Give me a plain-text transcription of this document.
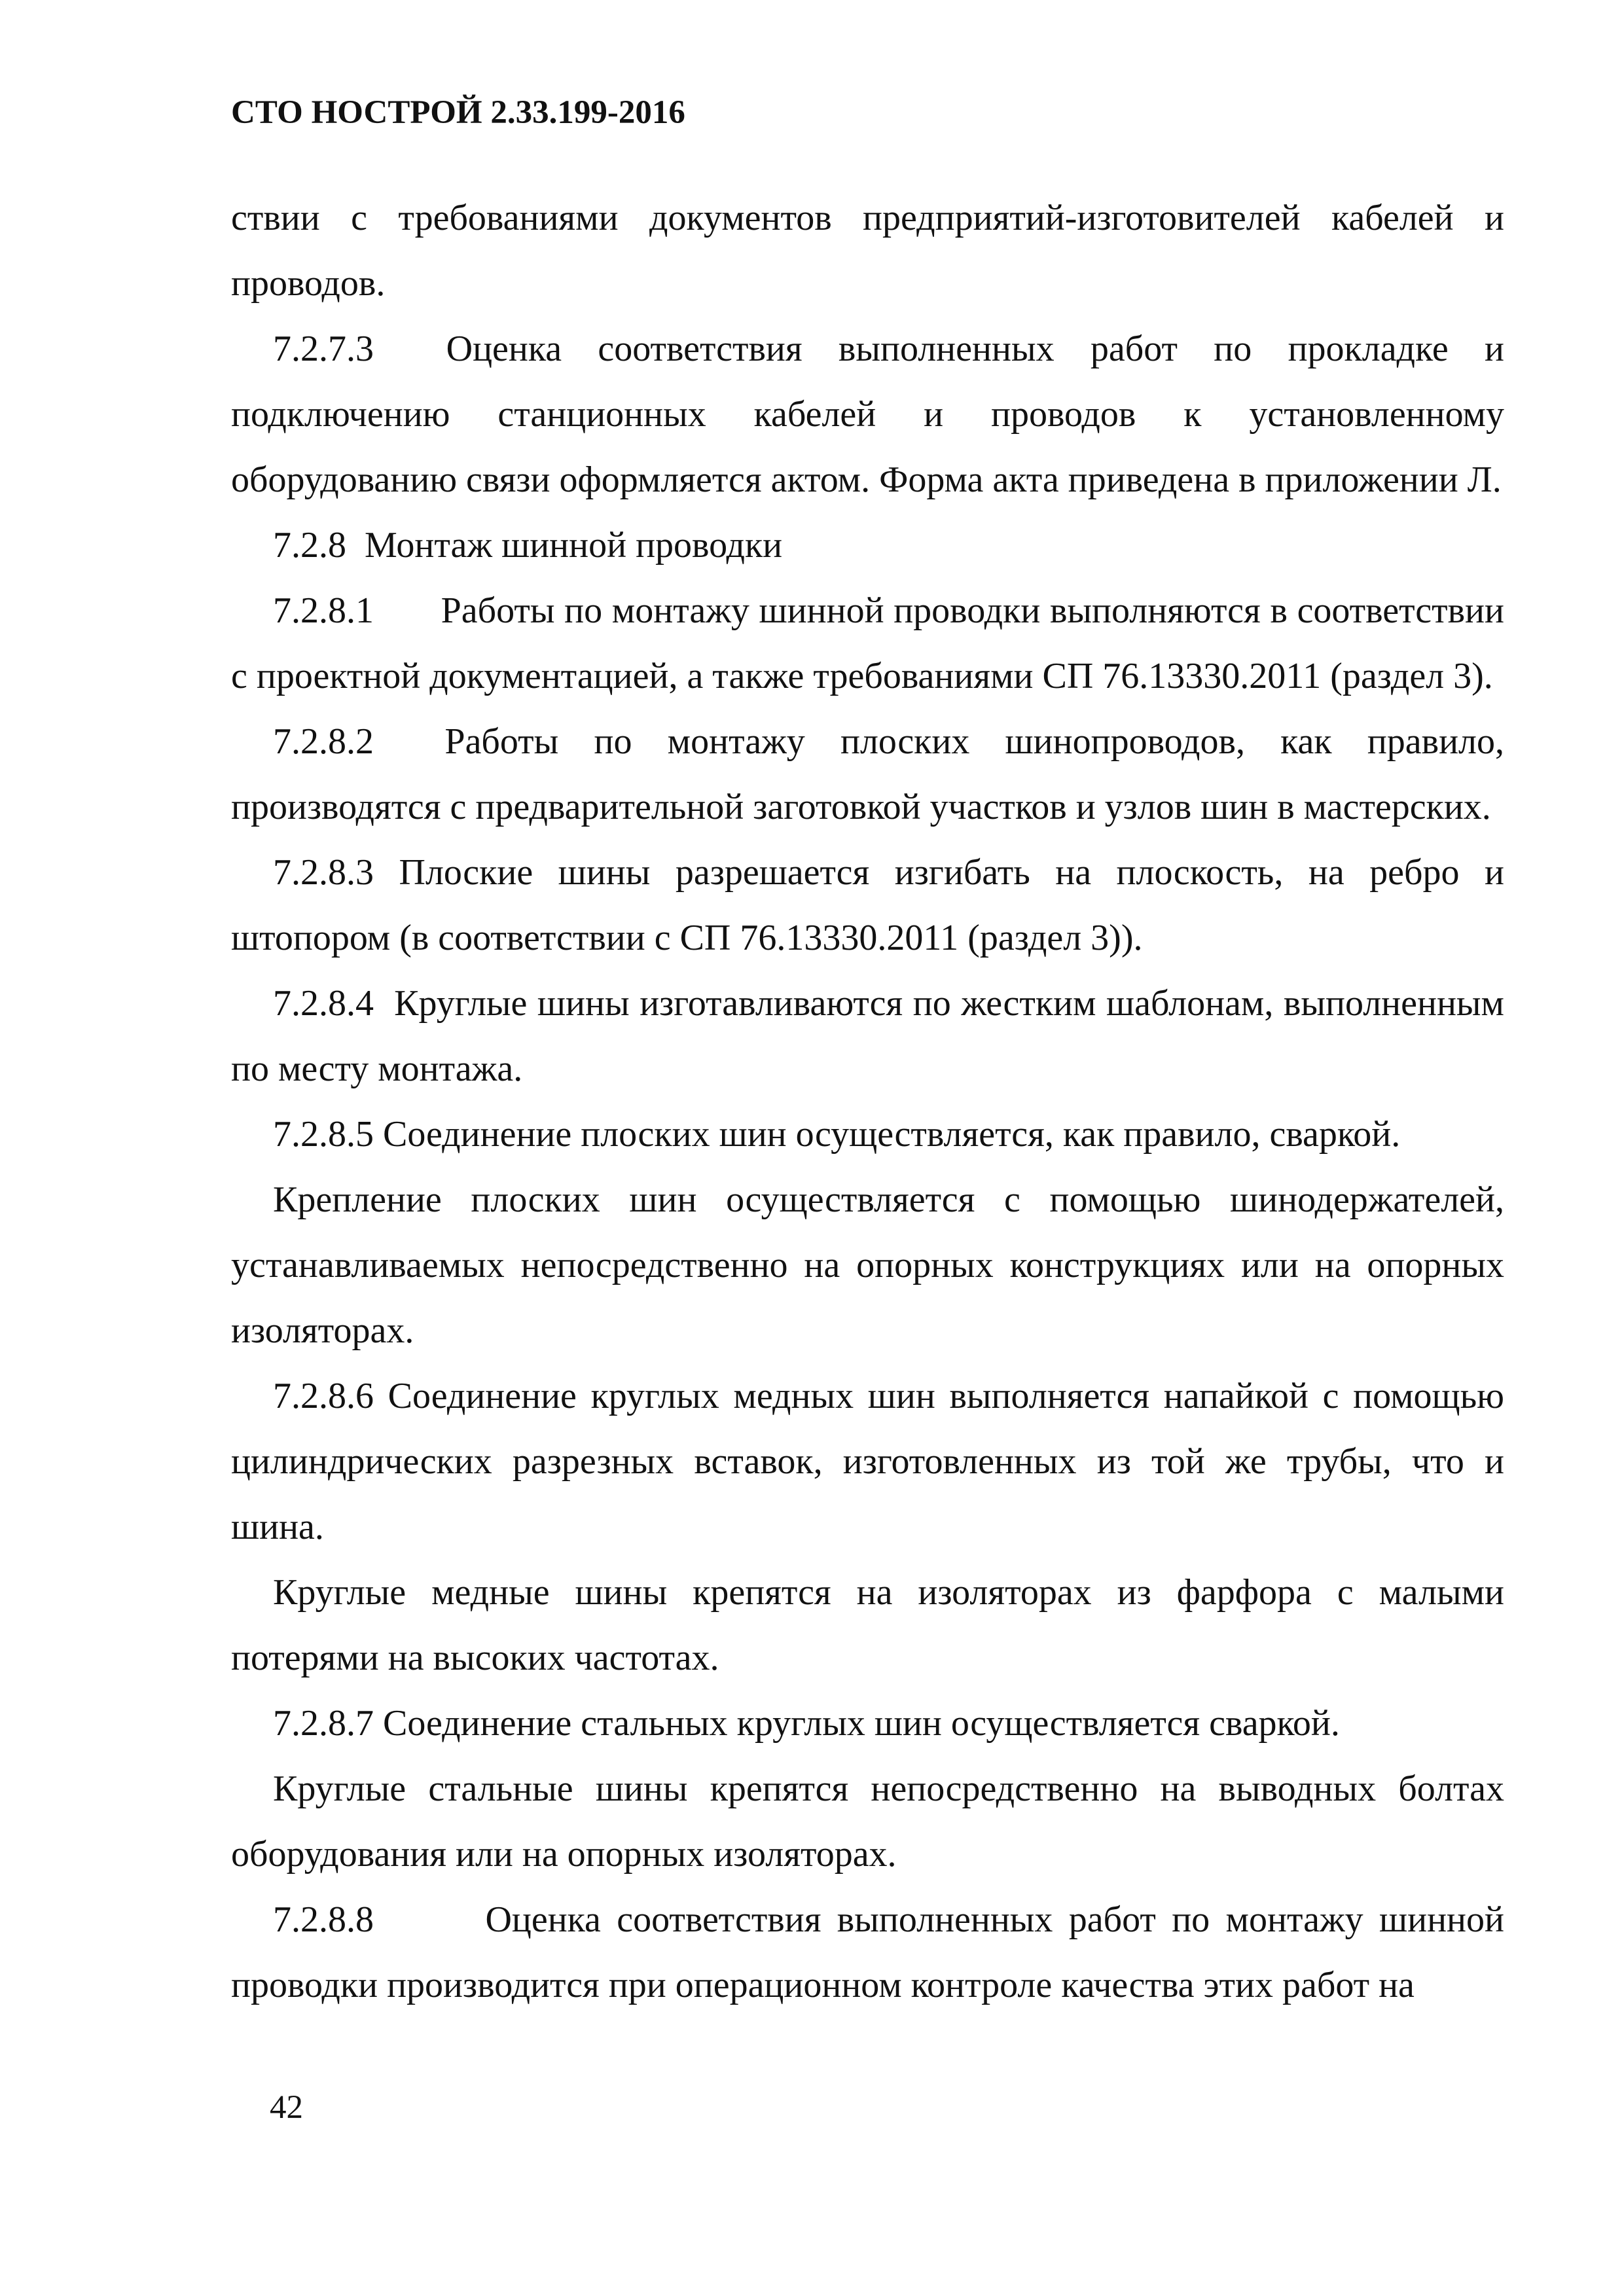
СТО НОСТРОЙ 2.33.199-2016

ствии с требованиями документов предприятий-изготовителей кабелей и проводов.

7.2.7.3  Оценка соответствия выполненных работ по прокладке и подключению станционных кабелей и проводов к установленному оборудованию связи оформляется актом. Форма акта приведена в приложении Л.

7.2.8  Монтаж шинной проводки

7.2.8.1       Работы по монтажу шинной проводки выполняются в соответствии с проектной документацией, а также требованиями СП 76.13330.2011 (раздел 3).

7.2.8.2  Работы по монтажу плоских шинопроводов, как правило, производятся с предварительной заготовкой участков и узлов шин в мастерских.

7.2.8.3 Плоские шины разрешается изгибать на плоскость, на ребро и штопором (в соответствии с СП 76.13330.2011 (раздел 3)).

7.2.8.4  Круглые шины изготавливаются по жестким шаблонам, выполненным по месту монтажа.

7.2.8.5 Соединение плоских шин осуществляется, как правило, сваркой.

Крепление плоских шин осуществляется с помощью шинодержателей, устанавливаемых непосредственно на опорных конструкциях или на опорных изоляторах.

7.2.8.6 Соединение круглых медных шин выполняется напайкой с помощью цилиндрических разрезных вставок, изготовленных из той же трубы, что и шина.

Круглые медные шины крепятся на изоляторах из фарфора с малыми потерями на высоких частотах.

7.2.8.7 Соединение стальных круглых шин осуществляется сваркой.

Круглые стальные шины крепятся непосредственно на выводных болтах оборудования или на опорных изоляторах.

7.2.8.8       Оценка соответствия выполненных работ по монтажу шинной проводки производится при операционном контроле качества этих работ на

42
